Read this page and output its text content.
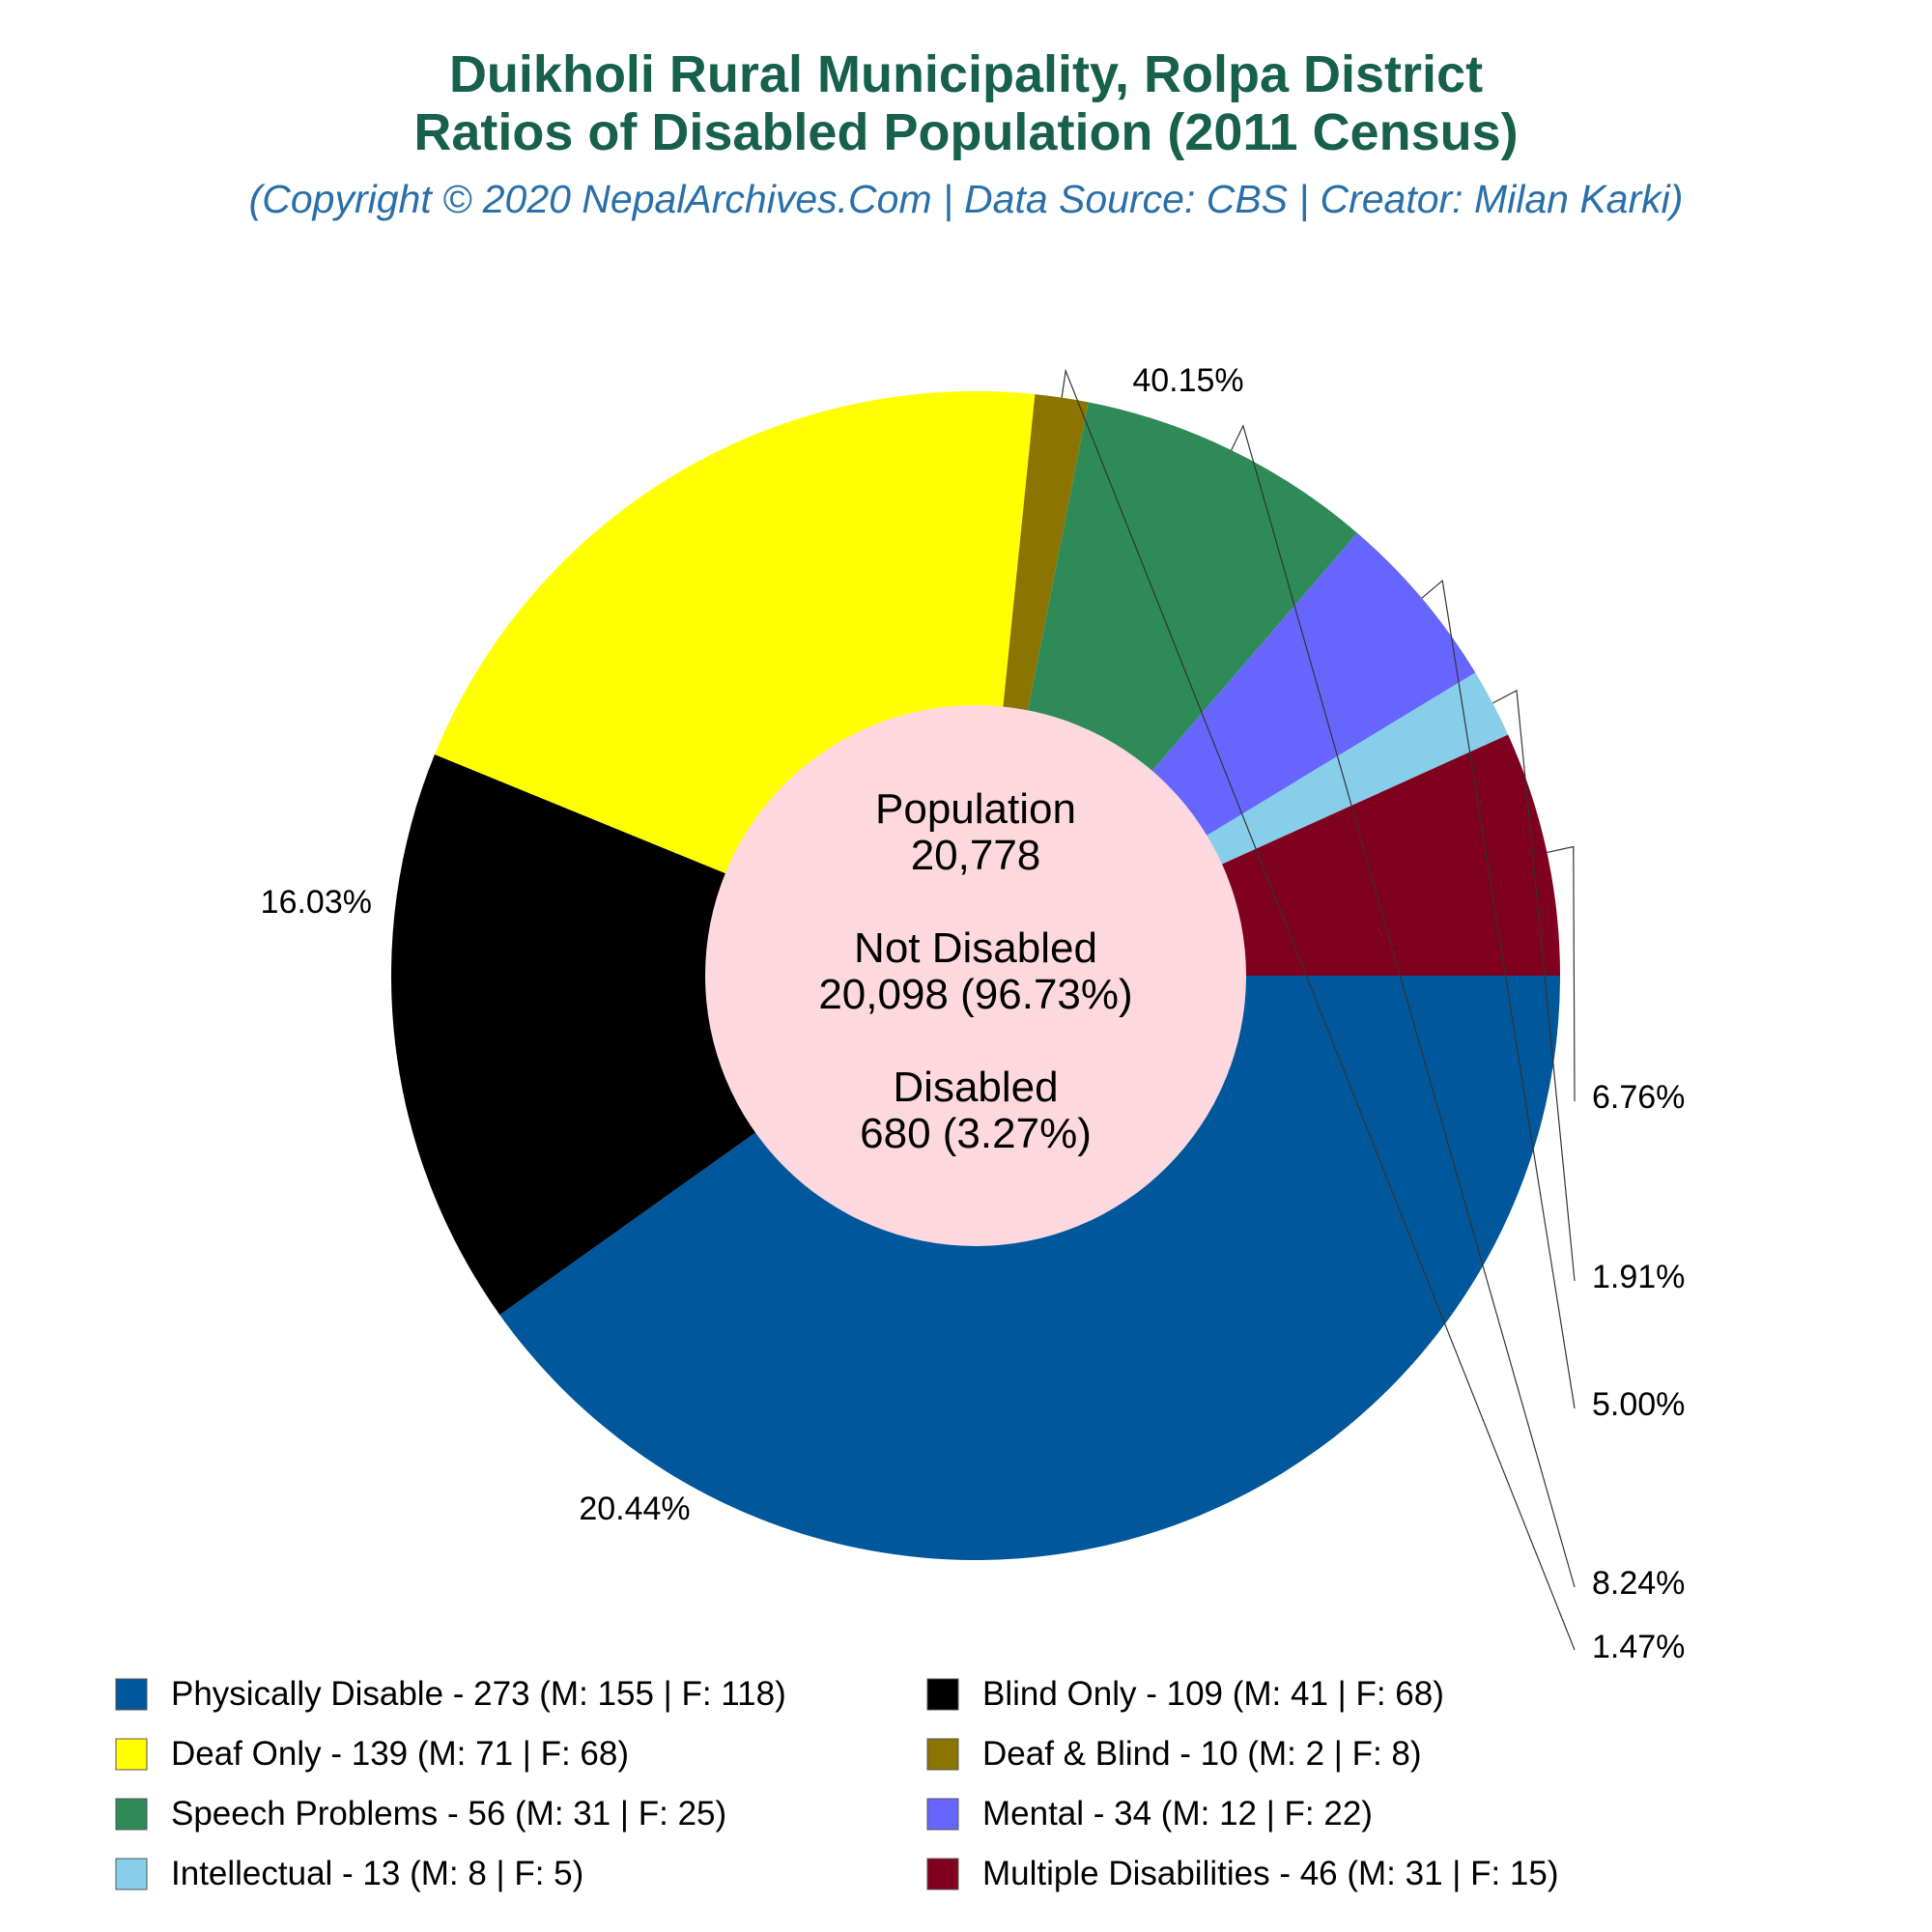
Duikholi Rural Municipality, Rolpa District
Ratios of Disabled Population (2011 Census)
(Copyright © 2020 NepalArchives.Com | Data Source: CBS | Creator: Milan Karki)
40.15%
16.03%
20.44%
1.47%
8.24%
5.00%
1.91%
6.76%
Population
20,778
Not Disabled
20,098 (96.73%)
Disabled
680 (3.27%)
Physically Disable - 273 (M: 155 | F: 118)	Blind Only - 109 (M: 41 | F: 68)
Deaf Only - 139 (M: 71 | F: 68)	Deaf & Blind - 10 (M: 2 | F: 8)
Speech Problems - 56 (M: 31 | F: 25)	Mental - 34 (M: 12 | F: 22)
Intellectual - 13 (M: 8 | F: 5)	Multiple Disabilities - 46 (M: 31 | F: 15)
